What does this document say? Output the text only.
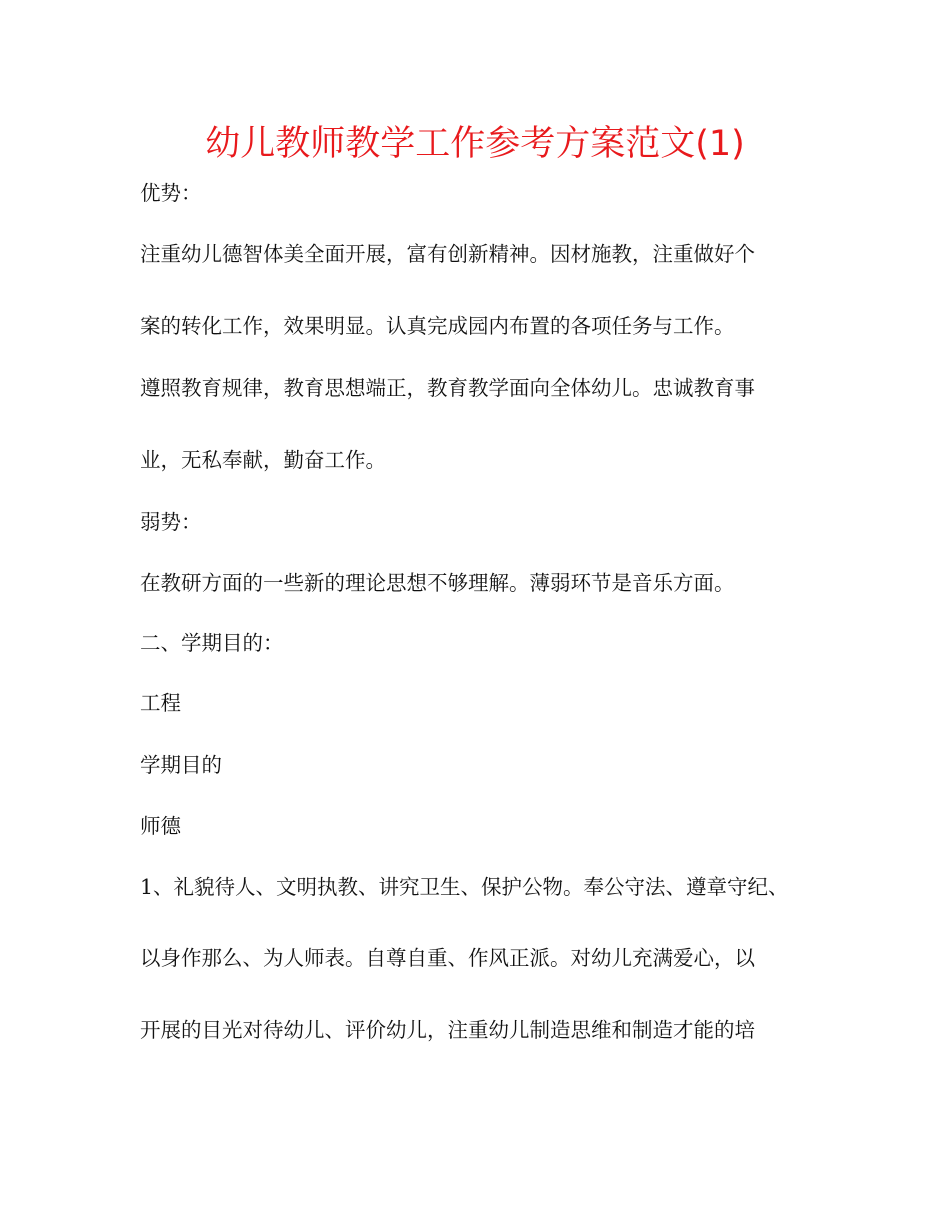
幼儿教师教学工作参考方案范文(1)
优势：
注重幼儿德智体美全面开展，富有创新精神。因材施教，注重做好个
案的转化工作，效果明显。认真完成园内布置的各项任务与工作。
遵照教育规律，教育思想端正，教育教学面向全体幼儿。忠诚教育事
业，无私奉献，勤奋工作。
弱势：
在教研方面的一些新的理论思想不够理解。薄弱环节是音乐方面。
二、学期目的：
工程
学期目的
师德
1、礼貌待人、文明执教、讲究卫生、保护公物。奉公守法、遵章守纪、
以身作那么、为人师表。自尊自重、作风正派。对幼儿充满爱心，以
开展的目光对待幼儿、评价幼儿，注重幼儿制造思维和制造才能的培
